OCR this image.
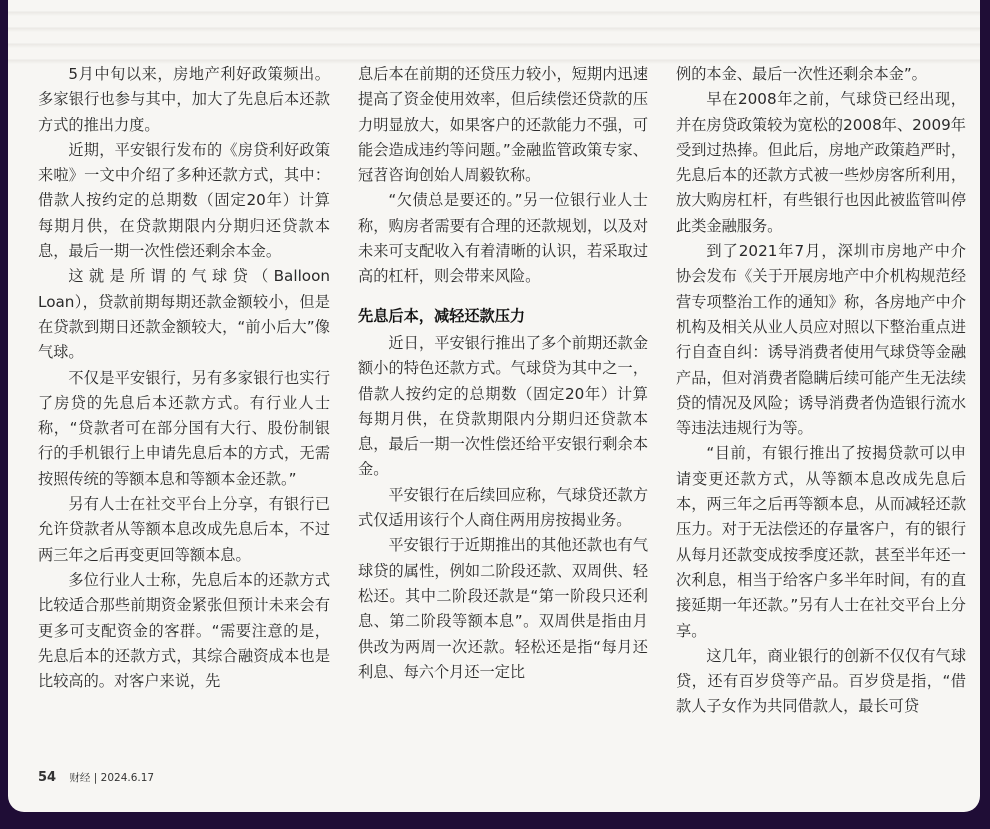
5月中旬以来，房地产利好政策频出。多家银行也参与其中，加大了先息后本还款方式的推出力度。

近期，平安银行发布的《房贷利好政策来啦》一文中介绍了多种还款方式，其中：借款人按约定的总期数（固定20年）计算每期月供，在贷款期限内分期归还贷款本息，最后一期一次性偿还剩余本金。

这就是所谓的气球贷（Balloon Loan），贷款前期每期还款金额较小，但是在贷款到期日还款金额较大，“前小后大”像气球。

不仅是平安银行，另有多家银行也实行了房贷的先息后本还款方式。有行业人士称，“贷款者可在部分国有大行、股份制银行的手机银行上申请先息后本的方式，无需按照传统的等额本息和等额本金还款。”

另有人士在社交平台上分享，有银行已允许贷款者从等额本息改成先息后本，不过两三年之后再变更回等额本息。

多位行业人士称，先息后本的还款方式比较适合那些前期资金紧张但预计未来会有更多可支配资金的客群。“需要注意的是，先息后本的还款方式，其综合融资成本也是比较高的。对客户来说，先

息后本在前期的还贷压力较小，短期内迅速提高了资金使用效率，但后续偿还贷款的压力明显放大，如果客户的还款能力不强，可能会造成违约等问题。”金融监管政策专家、冠苕咨询创始人周毅钦称。

“欠债总是要还的。”另一位银行业人士称，购房者需要有合理的还款规划，以及对未来可支配收入有着清晰的认识，若采取过高的杠杆，则会带来风险。

先息后本，减轻还款压力

近日，平安银行推出了多个前期还款金额小的特色还款方式。气球贷为其中之一，借款人按约定的总期数（固定20年）计算每期月供，在贷款期限内分期归还贷款本息，最后一期一次性偿还给平安银行剩余本金。

平安银行在后续回应称，气球贷还款方式仅适用该行个人商住两用房按揭业务。

平安银行于近期推出的其他还款也有气球贷的属性，例如二阶段还款、双周供、轻松还。其中二阶段还款是“第一阶段只还利息、第二阶段等额本息”。双周供是指由月供改为两周一次还款。轻松还是指“每月还利息、每六个月还一定比

例的本金、最后一次性还剩余本金”。

早在2008年之前，气球贷已经出现，并在房贷政策较为宽松的2008年、2009年受到过热捧。但此后，房地产政策趋严时，先息后本的还款方式被一些炒房客所利用，放大购房杠杆，有些银行也因此被监管叫停此类金融服务。

到了2021年7月，深圳市房地产中介协会发布《关于开展房地产中介机构规范经营专项整治工作的通知》称，各房地产中介机构及相关从业人员应对照以下整治重点进行自查自纠：诱导消费者使用气球贷等金融产品，但对消费者隐瞒后续可能产生无法续贷的情况及风险；诱导消费者伪造银行流水等违法违规行为等。

“目前，有银行推出了按揭贷款可以申请变更还款方式，从等额本息改成先息后本，两三年之后再等额本息，从而减轻还款压力。对于无法偿还的存量客户，有的银行从每月还款变成按季度还款，甚至半年还一次利息，相当于给客户多半年时间，有的直接延期一年还款。”另有人士在社交平台上分享。

这几年，商业银行的创新不仅仅有气球贷，还有百岁贷等产品。百岁贷是指，“借款人子女作为共同借款人，最长可贷

54 财经 | 2024.6.17
